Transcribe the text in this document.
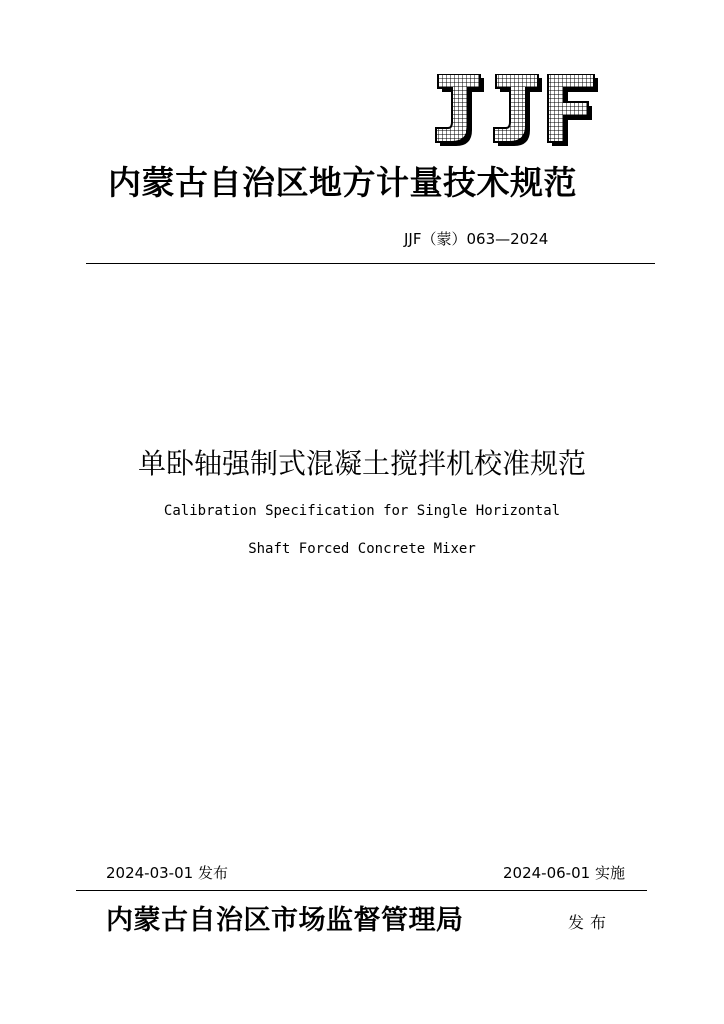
内蒙古自治区地方计量技术规范
JJF（蒙）063—2024
单卧轴强制式混凝土搅拌机校准规范
Calibration Specification for Single Horizontal
Shaft Forced Concrete Mixer
2024-03-01 发布	2024-06-01 实施
内蒙古自治区市场监督管理局	发布
